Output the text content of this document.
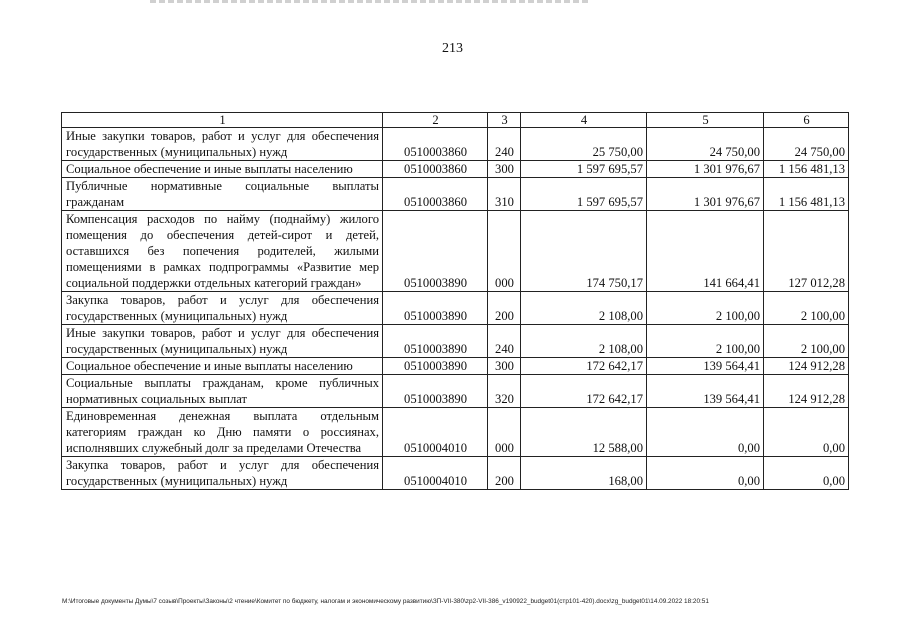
213
1	2	3	4	5	6
Иные закупки товаров, работ и услуг для обеспечения государственных (муниципальных) нужд	0510003860	240	25 750,00	24 750,00	24 750,00
Социальное обеспечение и иные выплаты населению	0510003860	300	1 597 695,57	1 301 976,67	1 156 481,13
Публичные нормативные социальные выплаты гражданам	0510003860	310	1 597 695,57	1 301 976,67	1 156 481,13
Компенсация расходов по найму (поднайму) жилого помещения до обеспечения детей-сирот и детей, оставшихся без попечения родителей, жилыми помещениями в рамках подпрограммы «Развитие мер социальной поддержки отдельных категорий граждан»	0510003890	000	174 750,17	141 664,41	127 012,28
Закупка товаров, работ и услуг для обеспечения государственных (муниципальных) нужд	0510003890	200	2 108,00	2 100,00	2 100,00
Иные закупки товаров, работ и услуг для обеспечения государственных (муниципальных) нужд	0510003890	240	2 108,00	2 100,00	2 100,00
Социальное обеспечение и иные выплаты населению	0510003890	300	172 642,17	139 564,41	124 912,28
Социальные выплаты гражданам, кроме публичных нормативных социальных выплат	0510003890	320	172 642,17	139 564,41	124 912,28
Единовременная денежная выплата отдельным категориям граждан ко Дню памяти о россиянах, исполнявших служебный долг за пределами Отечества	0510004010	000	12 588,00	0,00	0,00
Закупка товаров, работ и услуг для обеспечения государственных (муниципальных) нужд	0510004010	200	168,00	0,00	0,00
M:\Итоговые документы Думы\7 созыв\Проекты\Законы\2 чтение\Комитет по бюджету, налогам и экономическому развитию\ЗП-VII-380\zp2-VII-386_v190922_budget01(стр101-420).docx\zg_budget01\14.09.2022 18:20:51
